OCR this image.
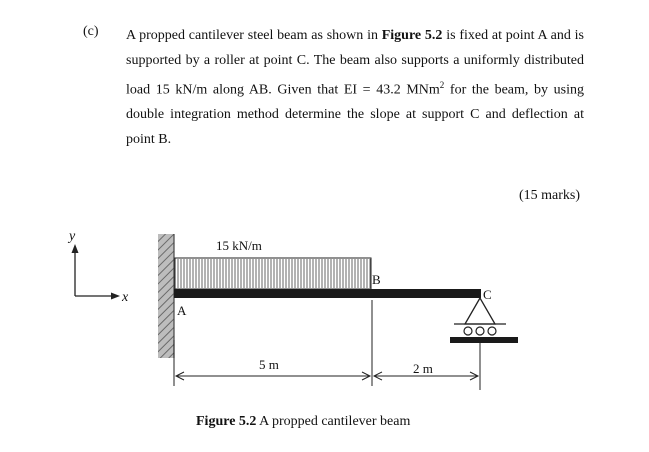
(c) A propped cantilever steel beam as shown in Figure 5.2 is fixed at point A and is supported by a roller at point C. The beam also supports a uniformly distributed load 15 kN/m along AB. Given that EI = 43.2 MNm$^2$ for the beam, by using double integration method determine the slope at support C and deflection at point B.

(15 marks)
y
x
15 kN/m
A
B
C
5 m	2 m
Figure 5.2 A propped cantilever beam
